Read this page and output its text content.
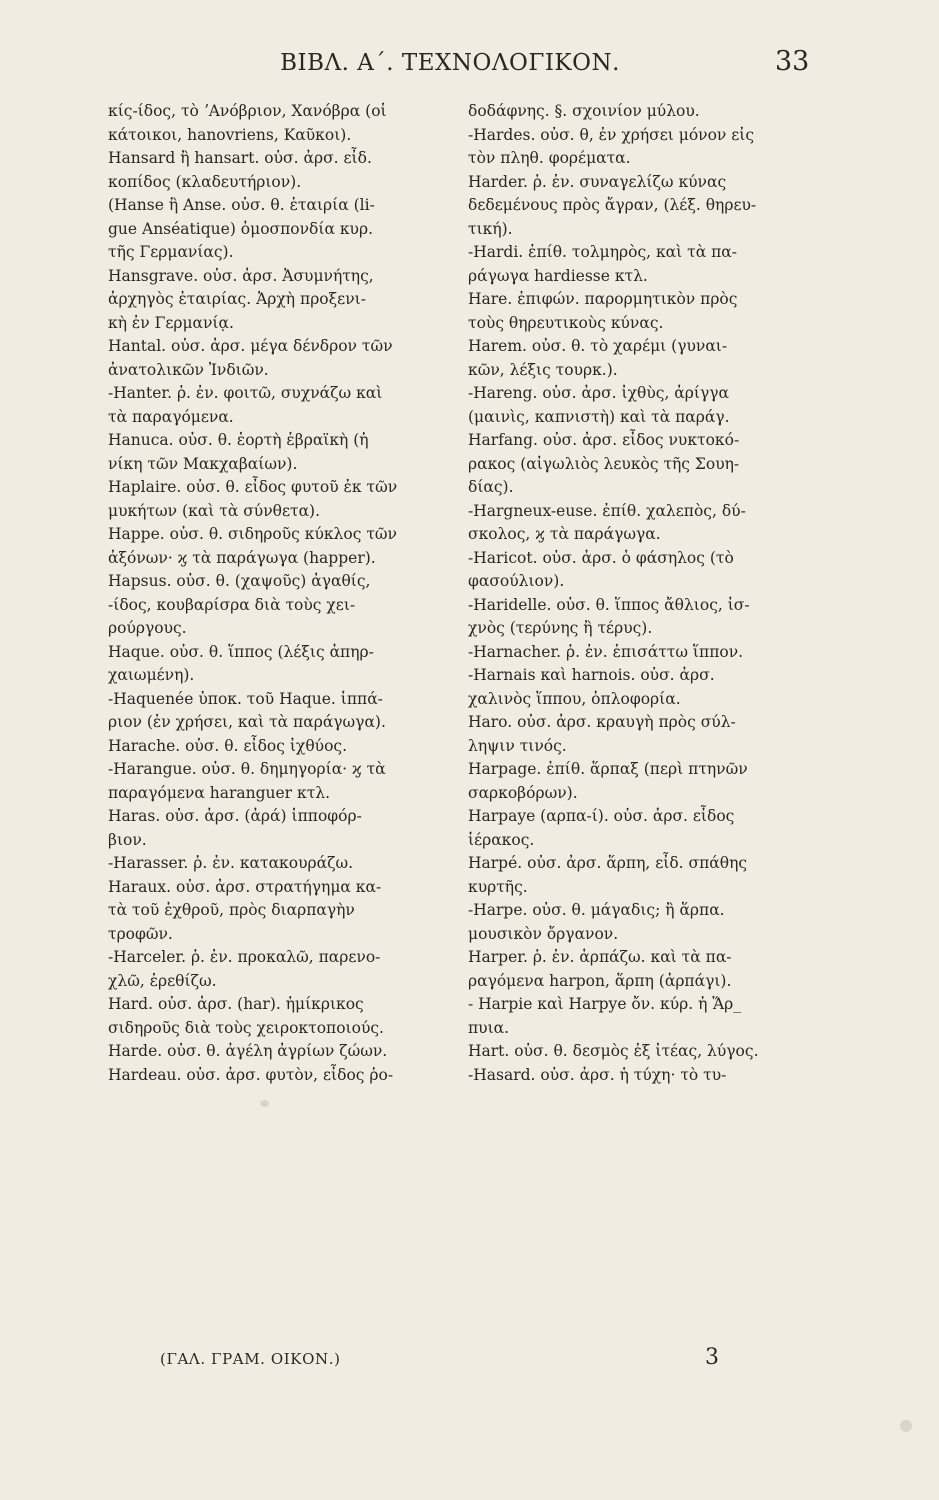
ΒΙΒΛ. Α΄. ΤΕΧΝΟΛΟΓΙΚΟΝ.	33
κίς-ίδος, τὸ ʼΑνόβριον, Χανόβρα (οἱ
κάτοικοι, hanovriens, Καῦκοι).
Hansard ἢ hansart. οὐσ. ἀρσ. εἶδ.
κοπίδος (κλαδευτήριον).
(Hanse ἢ Anse. οὐσ. θ. ἑταιρία (li-
gue Anséatique) ὁμοσπονδία κυρ.
τῆς Γερμανίας).
Hansgrave. οὐσ. ἀρσ. Ἀσυμνήτης,
ἀρχηγὸς ἑταιρίας. Ἀρχὴ προξενι-
κὴ ἐν Γερμανίᾳ.
Hantal. οὐσ. ἀρσ. μέγα δένδρον τῶν
ἀνατολικῶν Ἰνδιῶν.
-Hanter. ῥ. ἐν. φοιτῶ, συχνάζω καὶ
τὰ παραγόμενα.
Hanuca. οὐσ. θ. ἑορτὴ ἑβραϊκὴ (ἡ
νίκη τῶν Μακχαβαίων).
Haplaire. οὐσ. θ. εἶδος φυτοῦ ἐκ τῶν
μυκήτων (καὶ τὰ σύνθετα).
Happe. οὐσ. θ. σιδηροῦς κύκλος τῶν
ἀξόνων· ϗ τὰ παράγωγα (happer).
Hapsus. οὐσ. θ. (χαψοῦς) ἀγαθίς,
-ίδος, κουβαρίσρα διὰ τοὺς χει-
ρούργους.
Haque. οὐσ. θ. ἵππος (λέξις ἀπηρ-
χαιωμένη).
-Haquenée ὑποκ. τοῦ Haque. ἱππά-
ριον (ἐν χρήσει, καὶ τὰ παράγωγα).
Harache. οὐσ. θ. εἶδος ἰχθύος.
-Harangue. οὐσ. θ. δημηγορία· ϗ τὰ
παραγόμενα haranguer κτλ.
Haras. οὐσ. ἀρσ. (ἀρά) ἱπποφόρ-
βιον.
-Harasser. ῥ. ἐν. κατακουράζω.
Haraux. οὐσ. ἀρσ. στρατήγημα κα-
τὰ τοῦ ἐχθροῦ, πρὸς διαρπαγὴν
τροφῶν.
-Harceler. ῥ. ἐν. προκαλῶ, παρενο-
χλῶ, ἐρεθίζω.
Hard. οὐσ. ἀρσ. (har). ἡμίκρικος
σιδηροῦς διὰ τοὺς χειροκτοποιούς.
Harde. οὐσ. θ. ἀγέλη ἀγρίων ζώων.
Hardeau. οὐσ. ἀρσ. φυτὸν, εἶδος ῥο-
δοδάφνης. §. σχοινίον μύλου.
-Hardes. οὐσ. θ, ἐν χρήσει μόνον εἰς
τὸν πληθ. φορέματα.
Harder. ῥ. ἐν. συναγελίζω κύνας
δεδεμένους πρὸς ἄγραν, (λέξ. θηρευ-
τική).
-Hardi. ἐπίθ. τολμηρὸς, καὶ τὰ πα-
ράγωγα hardiesse κτλ.
Hare. ἐπιφών. παρορμητικὸν πρὸς
τοὺς θηρευτικοὺς κύνας.
Harem. οὐσ. θ. τὸ χαρέμι (γυναι-
κῶν, λέξις τουρκ.).
-Hareng. οὐσ. ἀρσ. ἰχθὺς, ἀρίγγα
(μαινὶς, καπνιστὴ) καὶ τὰ παράγ.
Harfang. οὐσ. ἀρσ. εἶδος νυκτοκό-
ρακος (αἰγωλιὸς λευκὸς τῆς Σουη-
δίας).
-Hargneux-euse. ἐπίθ. χαλεπὸς, δύ-
σκολος, ϗ τὰ παράγωγα.
-Haricot. οὐσ. ἀρσ. ὁ φάσηλος (τὸ
φασούλιον).
-Haridelle. οὐσ. θ. ἵππος ἄθλιος, ἰσ-
χνὸς (τερύνης ἢ τέρυς).
-Harnacher. ῥ. ἐν. ἐπισάττω ἵππον.
-Harnais καὶ harnois. οὐσ. ἀρσ.
χαλινὸς ἵππου, ὁπλοφορία.
Haro. οὐσ. ἀρσ. κραυγὴ πρὸς σύλ-
ληψιν τινός.
Harpage. ἐπίθ. ἅρπαξ (περὶ πτηνῶν
σαρκοβόρων).
Harpaye (αρπα-ί). οὐσ. ἀρσ. εἶδος
ἱέρακος.
Harpé. οὐσ. ἀρσ. ἅρπη, εἶδ. σπάθης
κυρτῆς.
-Harpe. οὐσ. θ. μάγαδις; ἢ ἅρπα.
μουσικὸν ὄργανον.
Harper. ῥ. ἐν. ἁρπάζω. καὶ τὰ πα-
ραγόμενα harpon, ἅρπη (ἁρπάγι).
- Harpie καὶ Harpye ὄν. κύρ. ἡ Ἅρ_
πυια.
Hart. οὐσ. θ. δεσμὸς ἐξ ἰτέας, λύγος.
-Hasard. οὐσ. ἀρσ. ἡ τύχη· τὸ τυ-
(ΓΑΛ. ΓΡΑΜ. ΟΙΚΟΝ.)	3
